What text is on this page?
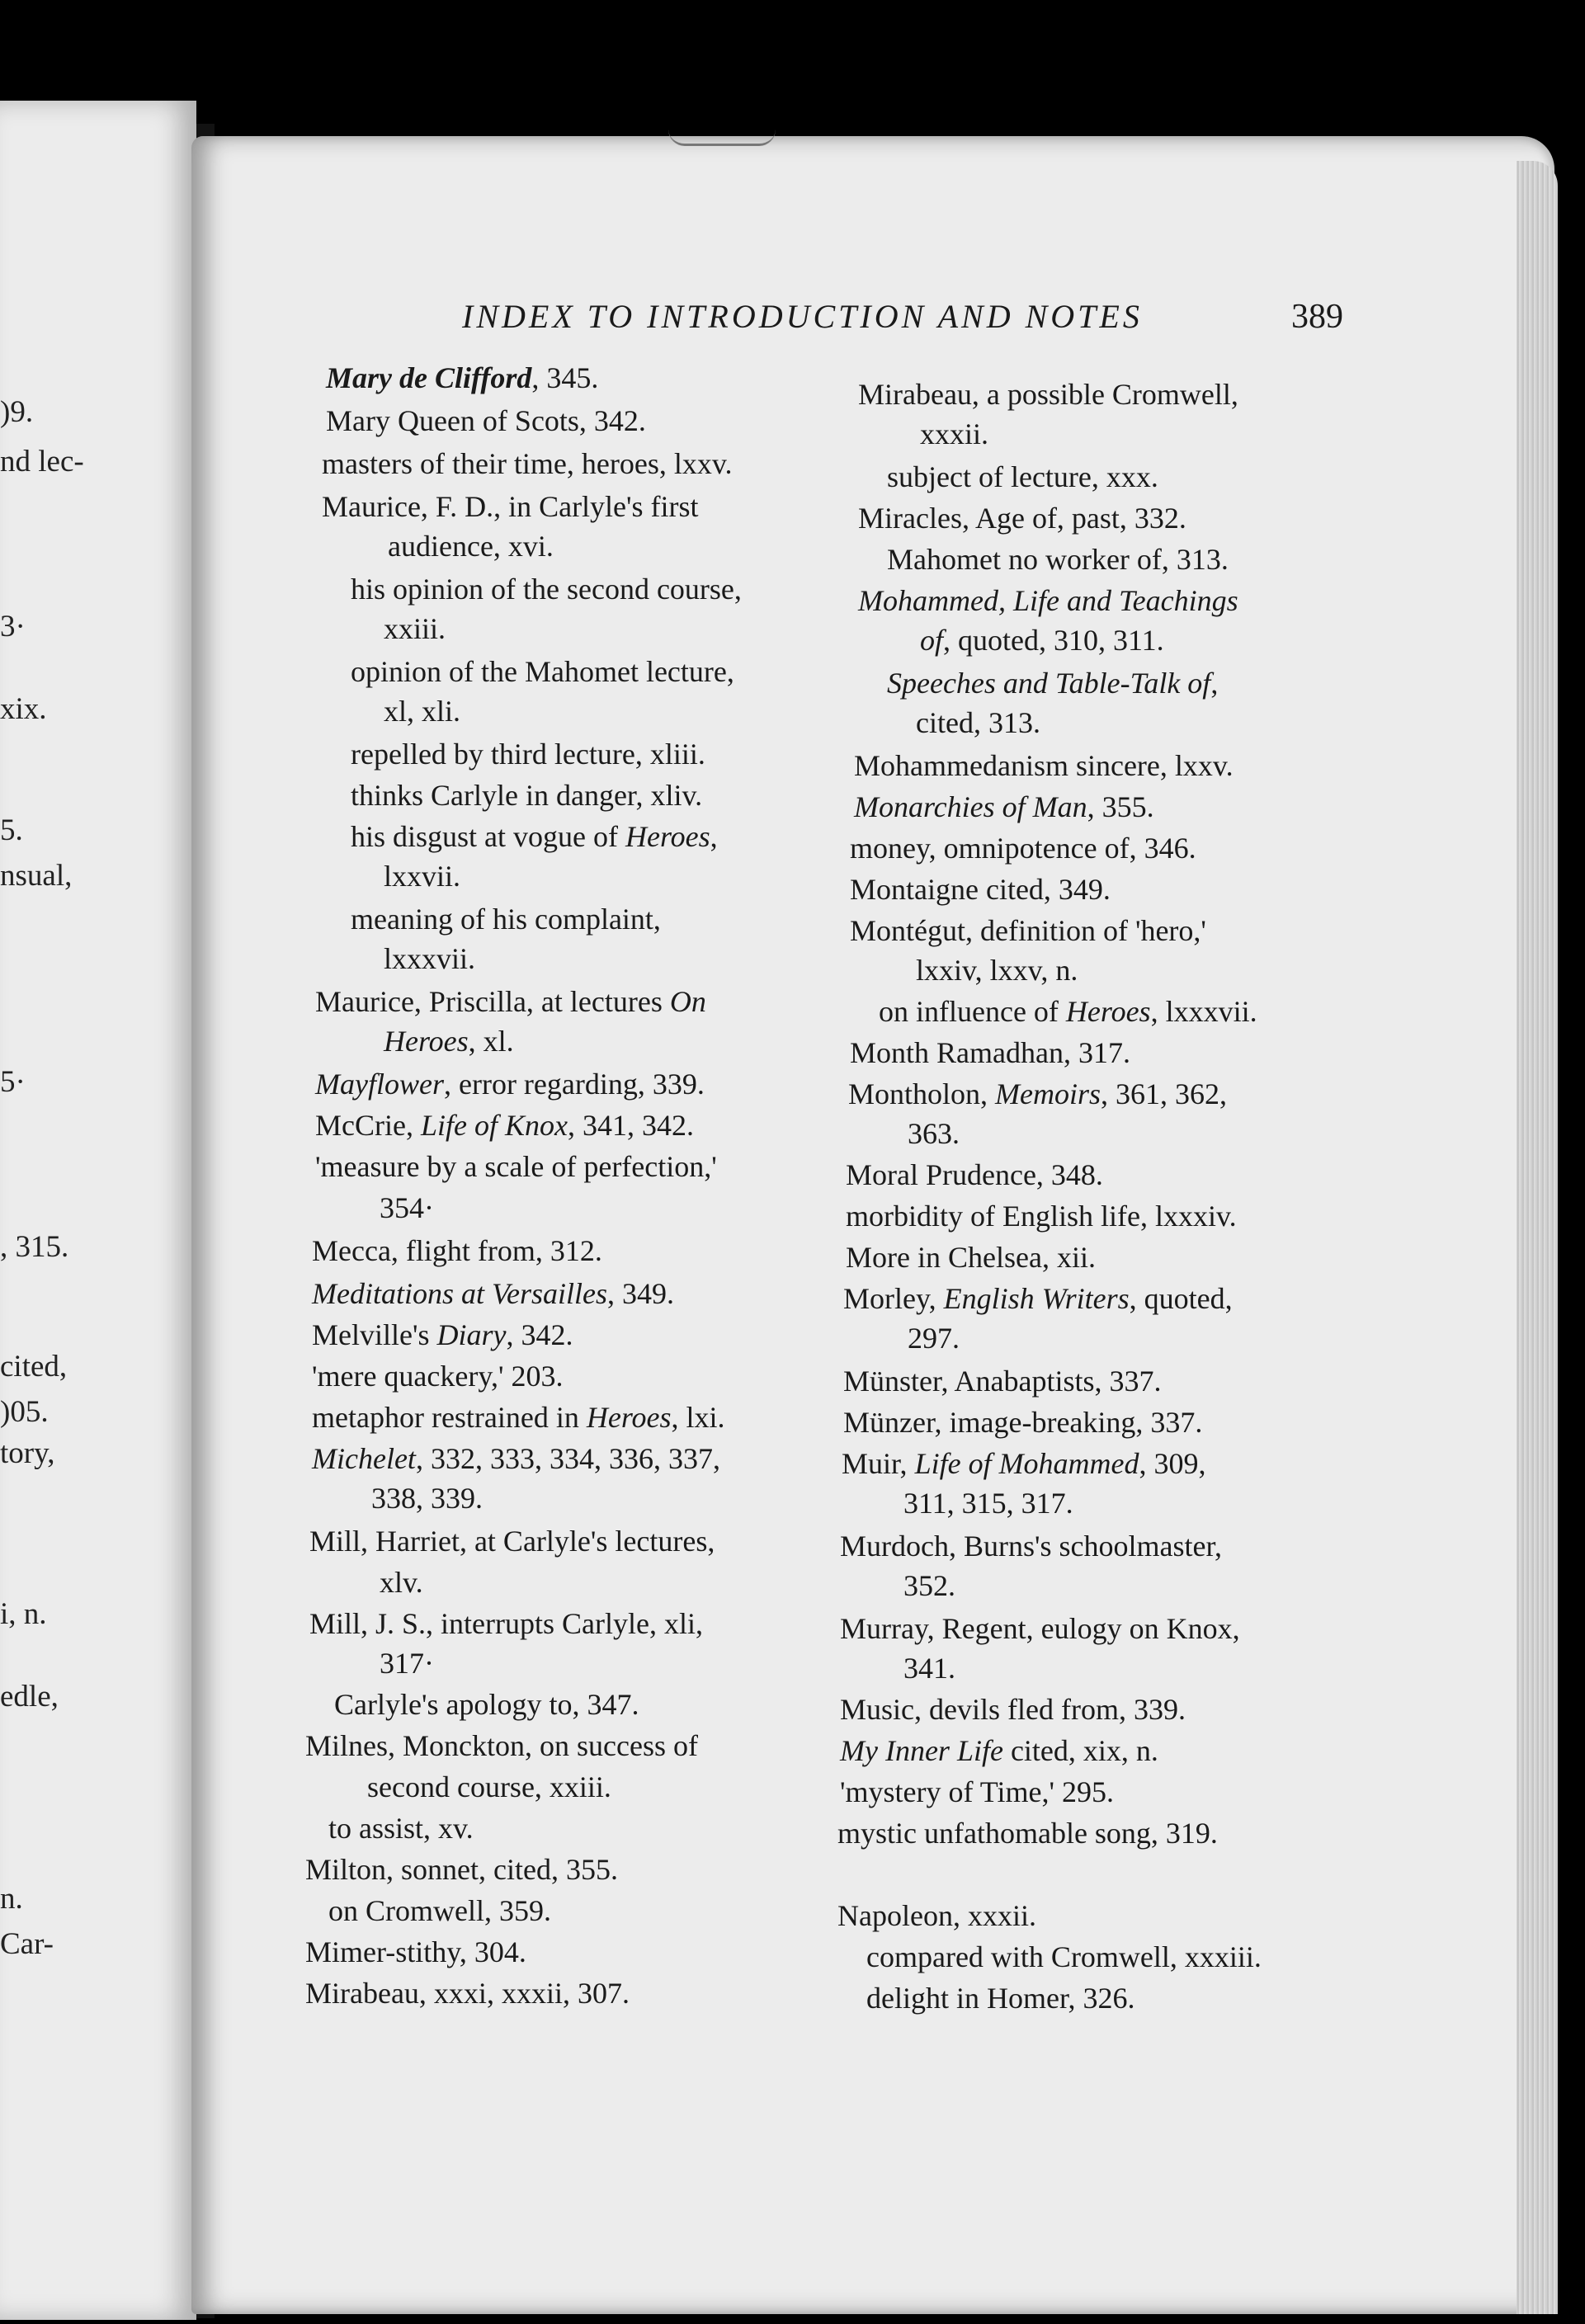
INDEX TO INTRODUCTION AND NOTES	389
)9.
nd lec-
3·
xix.
5.
nsual,
5·
, 315.
cited,
)05.
tory,
i, n.
edle,
n.
Car-
Mary de Clifford, 345.
Mary Queen of Scots, 342.
masters of their time, heroes, lxxv.
Maurice, F. D., in Carlyle's first
audience, xvi.
his opinion of the second course,
xxiii.
opinion of the Mahomet lecture,
xl, xli.
repelled by third lecture, xliii.
thinks Carlyle in danger, xliv.
his disgust at vogue of Heroes,
lxxvii.
meaning of his complaint,
lxxxvii.
Maurice, Priscilla, at lectures On
Heroes, xl.
Mayflower, error regarding, 339.
McCrie, Life of Knox, 341, 342.
'measure by a scale of perfection,'
354·
Mecca, flight from, 312.
Meditations at Versailles, 349.
Melville's Diary, 342.
'mere quackery,' 203.
metaphor restrained in Heroes, lxi.
Michelet, 332, 333, 334, 336, 337,
338, 339.
Mill, Harriet, at Carlyle's lectures,
xlv.
Mill, J. S., interrupts Carlyle, xli,
317·
Carlyle's apology to, 347.
Milnes, Monckton, on success of
second course, xxiii.
to assist, xv.
Milton, sonnet, cited, 355.
on Cromwell, 359.
Mimer-stithy, 304.
Mirabeau, xxxi, xxxii, 307.
Mirabeau, a possible Cromwell,
xxxii.
subject of lecture, xxx.
Miracles, Age of, past, 332.
Mahomet no worker of, 313.
Mohammed, Life and Teachings
of, quoted, 310, 311.
Speeches and Table-Talk of,
cited, 313.
Mohammedanism sincere, lxxv.
Monarchies of Man, 355.
money, omnipotence of, 346.
Montaigne cited, 349.
Montégut, definition of 'hero,'
lxxiv, lxxv, n.
on influence of Heroes, lxxxvii.
Month Ramadhan, 317.
Montholon, Memoirs, 361, 362,
363.
Moral Prudence, 348.
morbidity of English life, lxxxiv.
More in Chelsea, xii.
Morley, English Writers, quoted,
297.
Münster, Anabaptists, 337.
Münzer, image-breaking, 337.
Muir, Life of Mohammed, 309,
311, 315, 317.
Murdoch, Burns's schoolmaster,
352.
Murray, Regent, eulogy on Knox,
341.
Music, devils fled from, 339.
My Inner Life cited, xix, n.
'mystery of Time,' 295.
mystic unfathomable song, 319.
Napoleon, xxxii.
compared with Cromwell, xxxiii.
delight in Homer, 326.
